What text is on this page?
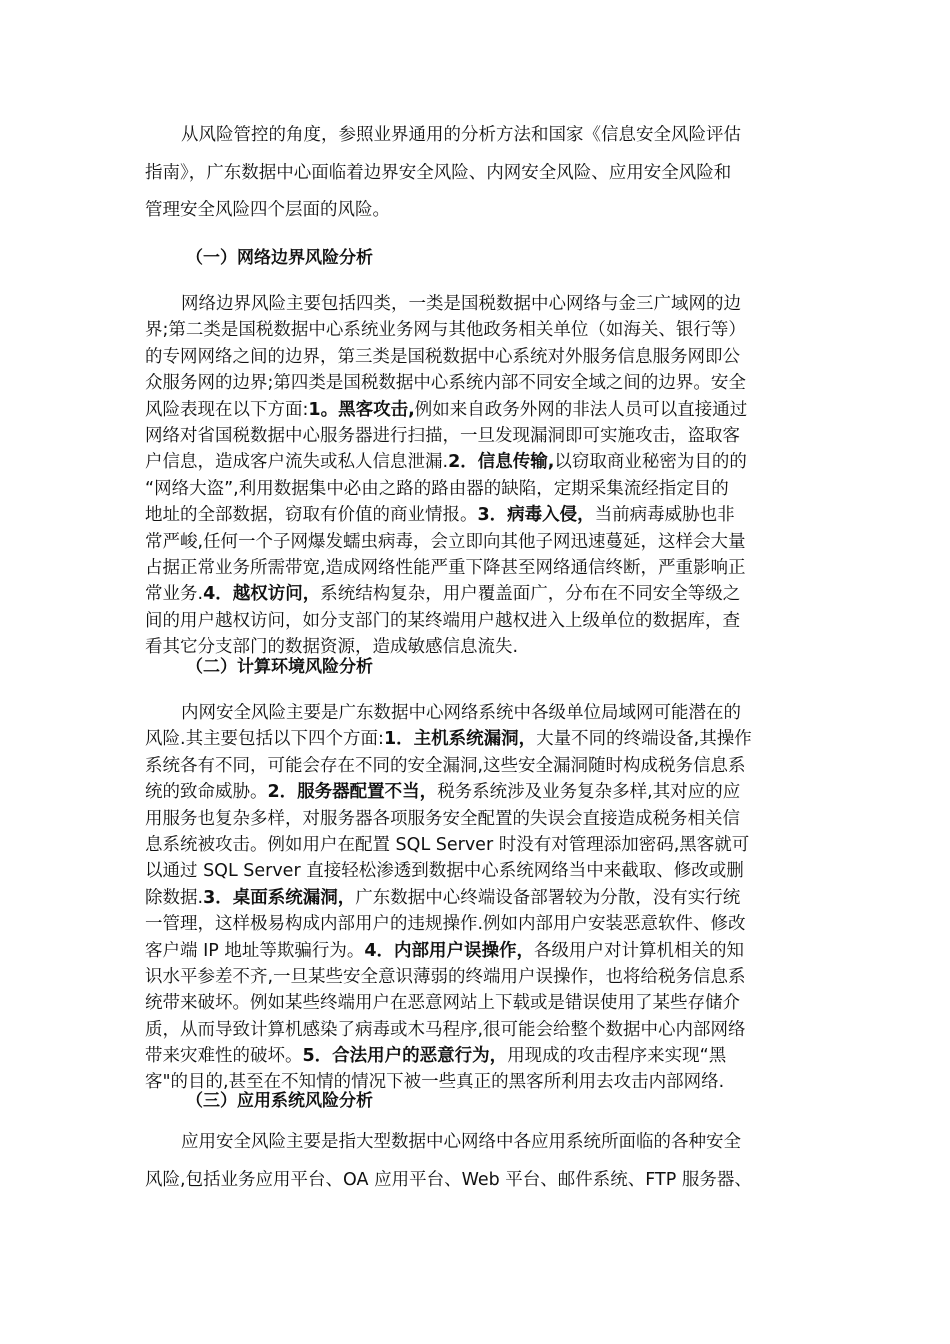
从风险管控的角度，参照业界通用的分析方法和国家《信息安全风险评估

指南》，广东数据中心面临着边界安全风险、内网安全风险、应用安全风险和

管理安全风险四个层面的风险。

（一）网络边界风险分析

网络边界风险主要包括四类，一类是国税数据中心网络与金三广域网的边

界;第二类是国税数据中心系统业务网与其他政务相关单位（如海关、银行等）

的专网网络之间的边界，第三类是国税数据中心系统对外服务信息服务网即公

众服务网的边界;第四类是国税数据中心系统内部不同安全域之间的边界。安全

风险表现在以下方面:1。黑客攻击,例如来自政务外网的非法人员可以直接通过

网络对省国税数据中心服务器进行扫描，一旦发现漏洞即可实施攻击，盗取客

户信息，造成客户流失或私人信息泄漏.2．信息传输,以窃取商业秘密为目的的

“网络大盗”,利用数据集中必由之路的路由器的缺陷，定期采集流经指定目的

地址的全部数据，窃取有价值的商业情报。3．病毒入侵，当前病毒威胁也非

常严峻,任何一个子网爆发蠕虫病毒，会立即向其他子网迅速蔓延，这样会大量

占据正常业务所需带宽,造成网络性能严重下降甚至网络通信终断，严重影响正

常业务.4．越权访问，系统结构复杂，用户覆盖面广，分布在不同安全等级之

间的用户越权访问，如分支部门的某终端用户越权进入上级单位的数据库，查

看其它分支部门的数据资源，造成敏感信息流失.

（二）计算环境风险分析

内网安全风险主要是广东数据中心网络系统中各级单位局域网可能潜在的

风险.其主要包括以下四个方面:1．主机系统漏洞，大量不同的终端设备,其操作

系统各有不同，可能会存在不同的安全漏洞,这些安全漏洞随时构成税务信息系

统的致命威胁。2．服务器配置不当，税务系统涉及业务复杂多样,其对应的应

用服务也复杂多样，对服务器各项服务安全配置的失误会直接造成税务相关信

息系统被攻击。例如用户在配置 SQL Server 时没有对管理添加密码,黑客就可

以通过 SQL Server 直接轻松渗透到数据中心系统网络当中来截取、修改或删

除数据.3．桌面系统漏洞，广东数据中心终端设备部署较为分散，没有实行统

一管理，这样极易构成内部用户的违规操作.例如内部用户安装恶意软件、修改

客户端 IP 地址等欺骗行为。4．内部用户误操作，各级用户对计算机相关的知

识水平参差不齐,一旦某些安全意识薄弱的终端用户误操作，也将给税务信息系

统带来破坏。例如某些终端用户在恶意网站上下载或是错误使用了某些存储介

质，从而导致计算机感染了病毒或木马程序,很可能会给整个数据中心内部网络

带来灾难性的破坏。5．合法用户的恶意行为，用现成的攻击程序来实现“黑

客"的目的,甚至在不知情的情况下被一些真正的黑客所利用去攻击内部网络.

（三）应用系统风险分析

应用安全风险主要是指大型数据中心网络中各应用系统所面临的各种安全

风险,包括业务应用平台、OA 应用平台、Web 平台、邮件系统、FTP 服务器、
